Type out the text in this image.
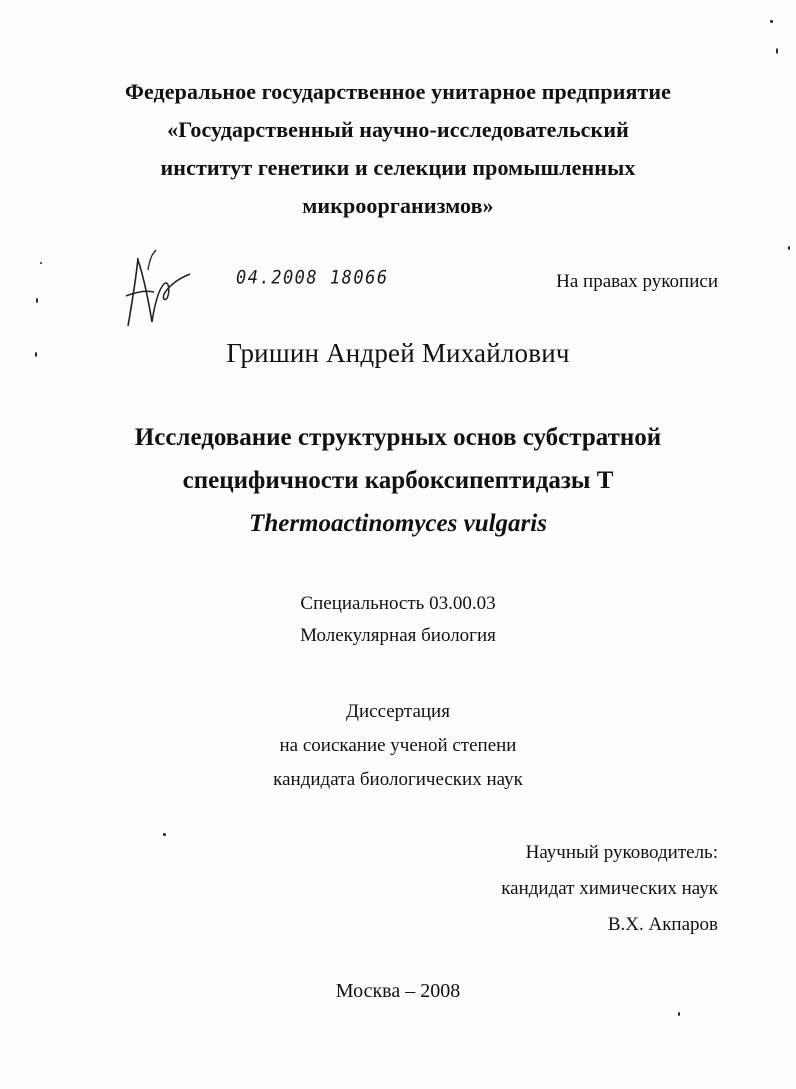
Федеральное государственное унитарное предприятие
«Государственный научно-исследовательский
институт генетики и селекции промышленных
микроорганизмов»
04.2008 18066	На правах рукописи
Гришин Андрей Михайлович
Исследование структурных основ субстратной
специфичности карбоксипептидазы T
Thermoactinomyces vulgaris
Специальность 03.00.03
Молекулярная биология
Диссертация
на соискание ученой степени
кандидата биологических наук
Научный руководитель:
кандидат химических наук
В.Х. Акпаров
Москва – 2008
